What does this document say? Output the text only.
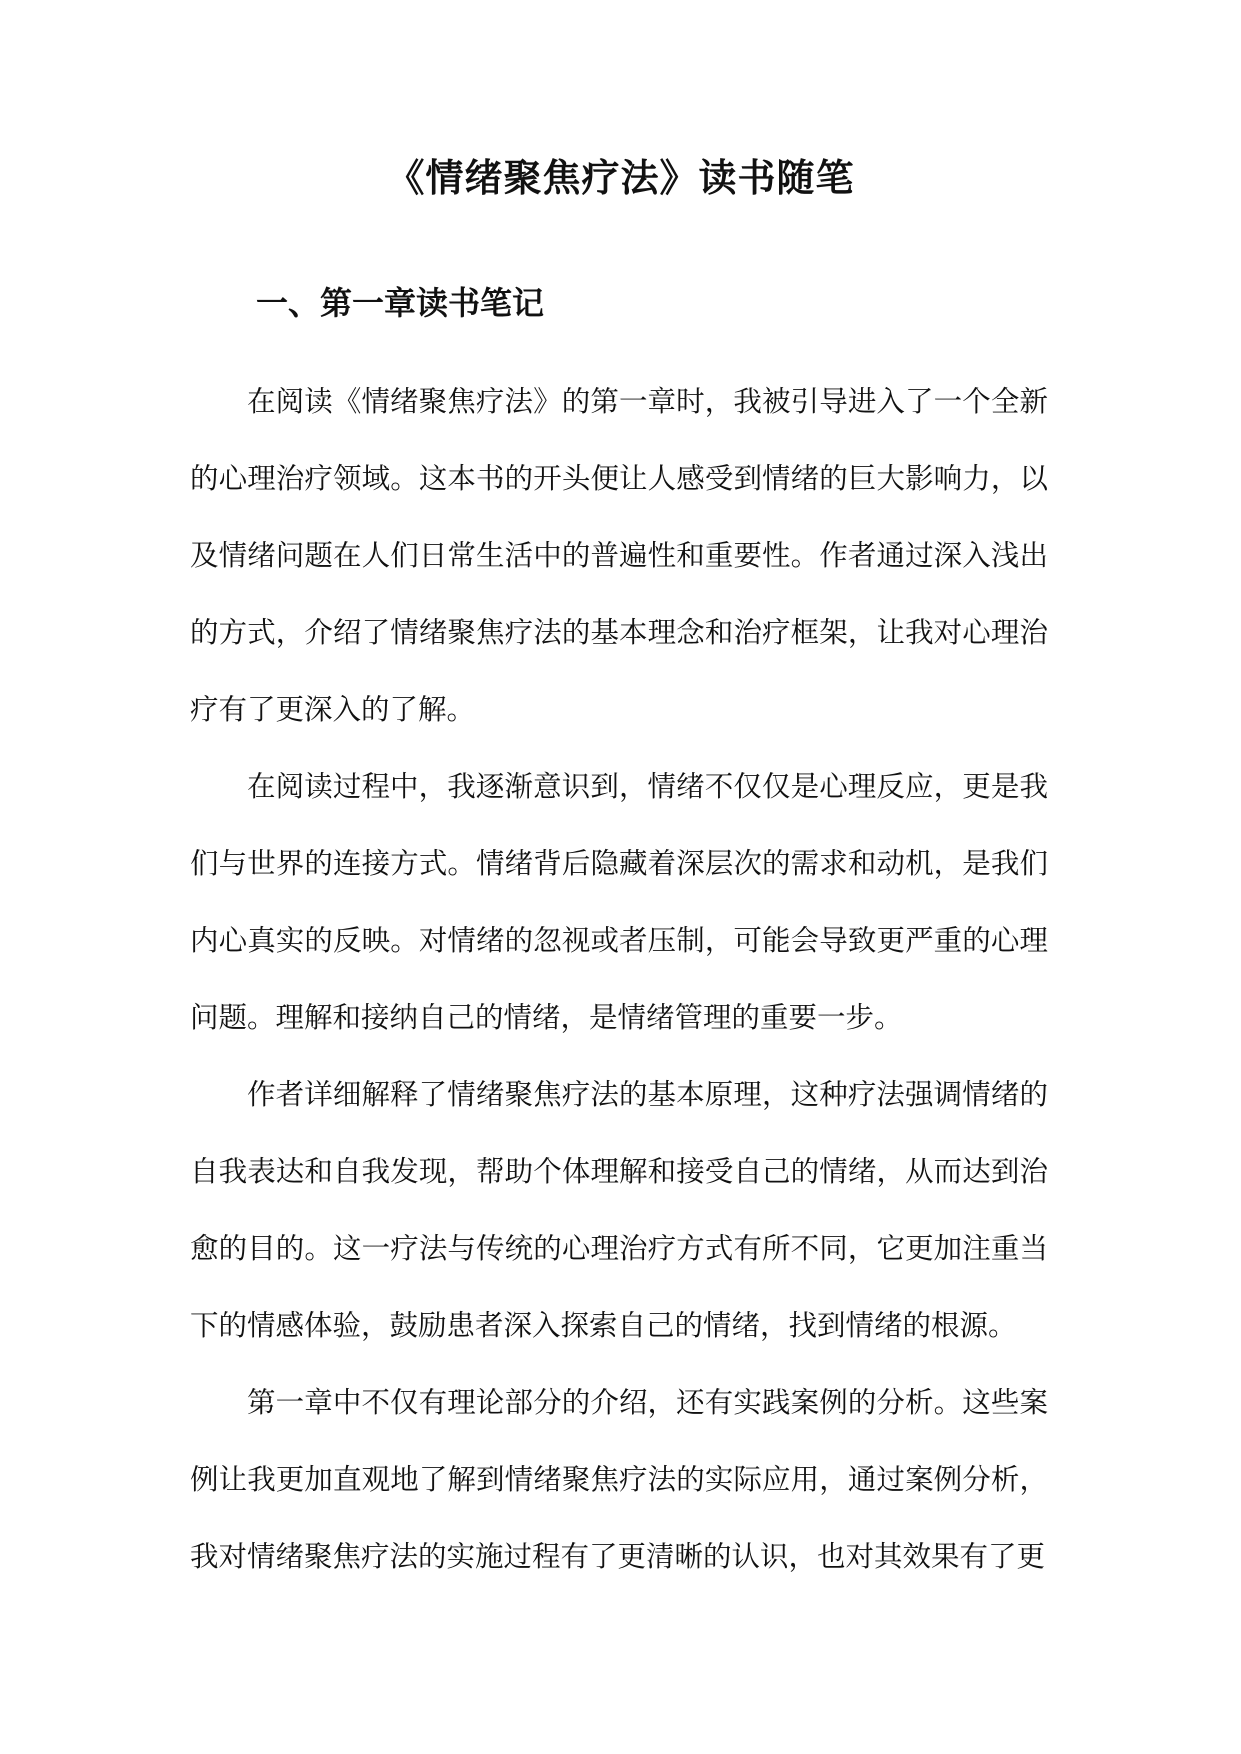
《情绪聚焦疗法》读书随笔
一、第一章读书笔记

在阅读《情绪聚焦疗法》的第一章时，我被引导进入了一个全新的心理治疗领域。这本书的开头便让人感受到情绪的巨大影响力，以及情绪问题在人们日常生活中的普遍性和重要性。作者通过深入浅出的方式，介绍了情绪聚焦疗法的基本理念和治疗框架，让我对心理治疗有了更深入的了解。

在阅读过程中，我逐渐意识到，情绪不仅仅是心理反应，更是我们与世界的连接方式。情绪背后隐藏着深层次的需求和动机，是我们内心真实的反映。对情绪的忽视或者压制，可能会导致更严重的心理问题。理解和接纳自己的情绪，是情绪管理的重要一步。

作者详细解释了情绪聚焦疗法的基本原理，这种疗法强调情绪的自我表达和自我发现，帮助个体理解和接受自己的情绪，从而达到治愈的目的。这一疗法与传统的心理治疗方式有所不同，它更加注重当下的情感体验，鼓励患者深入探索自己的情绪，找到情绪的根源。

第一章中不仅有理论部分的介绍，还有实践案例的分析。这些案例让我更加直观地了解到情绪聚焦疗法的实际应用，通过案例分析，我对情绪聚焦疗法的实施过程有了更清晰的认识，也对其效果有了更
